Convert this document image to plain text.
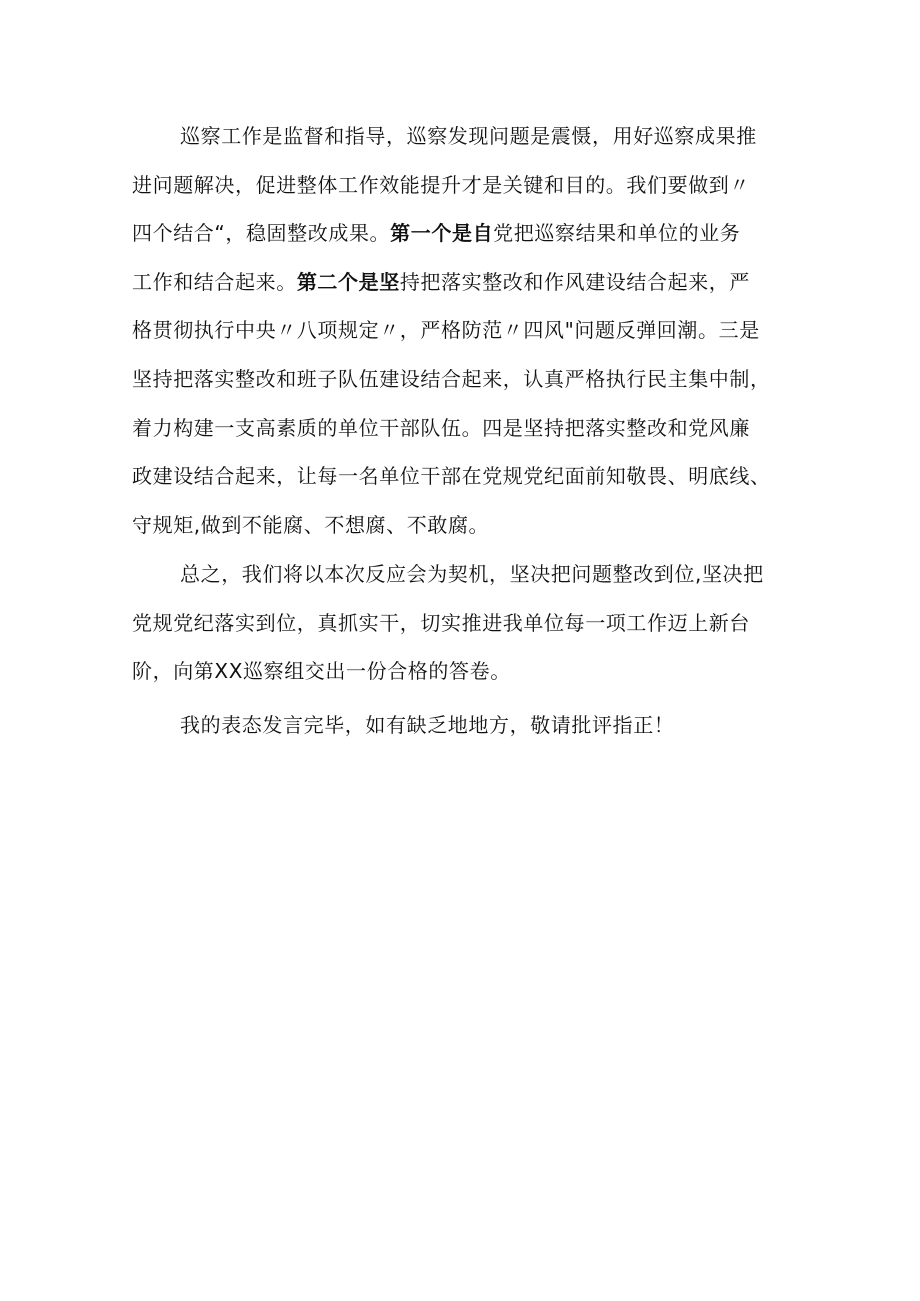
巡察工作是监督和指导，巡察发现问题是震慑，用好巡察成果推
进问题解决，促进整体工作效能提升才是关键和目的。我们要做到〃
四个结合“，稳固整改成果。第一个是自党把巡察结果和单位的业务
工作和结合起来。第二个是坚持把落实整改和作风建设结合起来，严
格贯彻执行中央〃八项规定〃，严格防范〃四风"问题反弹回潮。三是
坚持把落实整改和班子队伍建设结合起来，认真严格执行民主集中制，
着力构建一支高素质的单位干部队伍。四是坚持把落实整改和党风廉
政建设结合起来，让每一名单位干部在党规党纪面前知敬畏、明底线、
守规矩,做到不能腐、不想腐、不敢腐。
总之，我们将以本次反应会为契机，坚决把问题整改到位,坚决把
党规党纪落实到位，真抓实干，切实推进我单位每一项工作迈上新台
阶，向第XX巡察组交出一份合格的答卷。
我的表态发言完毕，如有缺乏地地方，敬请批评指正！
